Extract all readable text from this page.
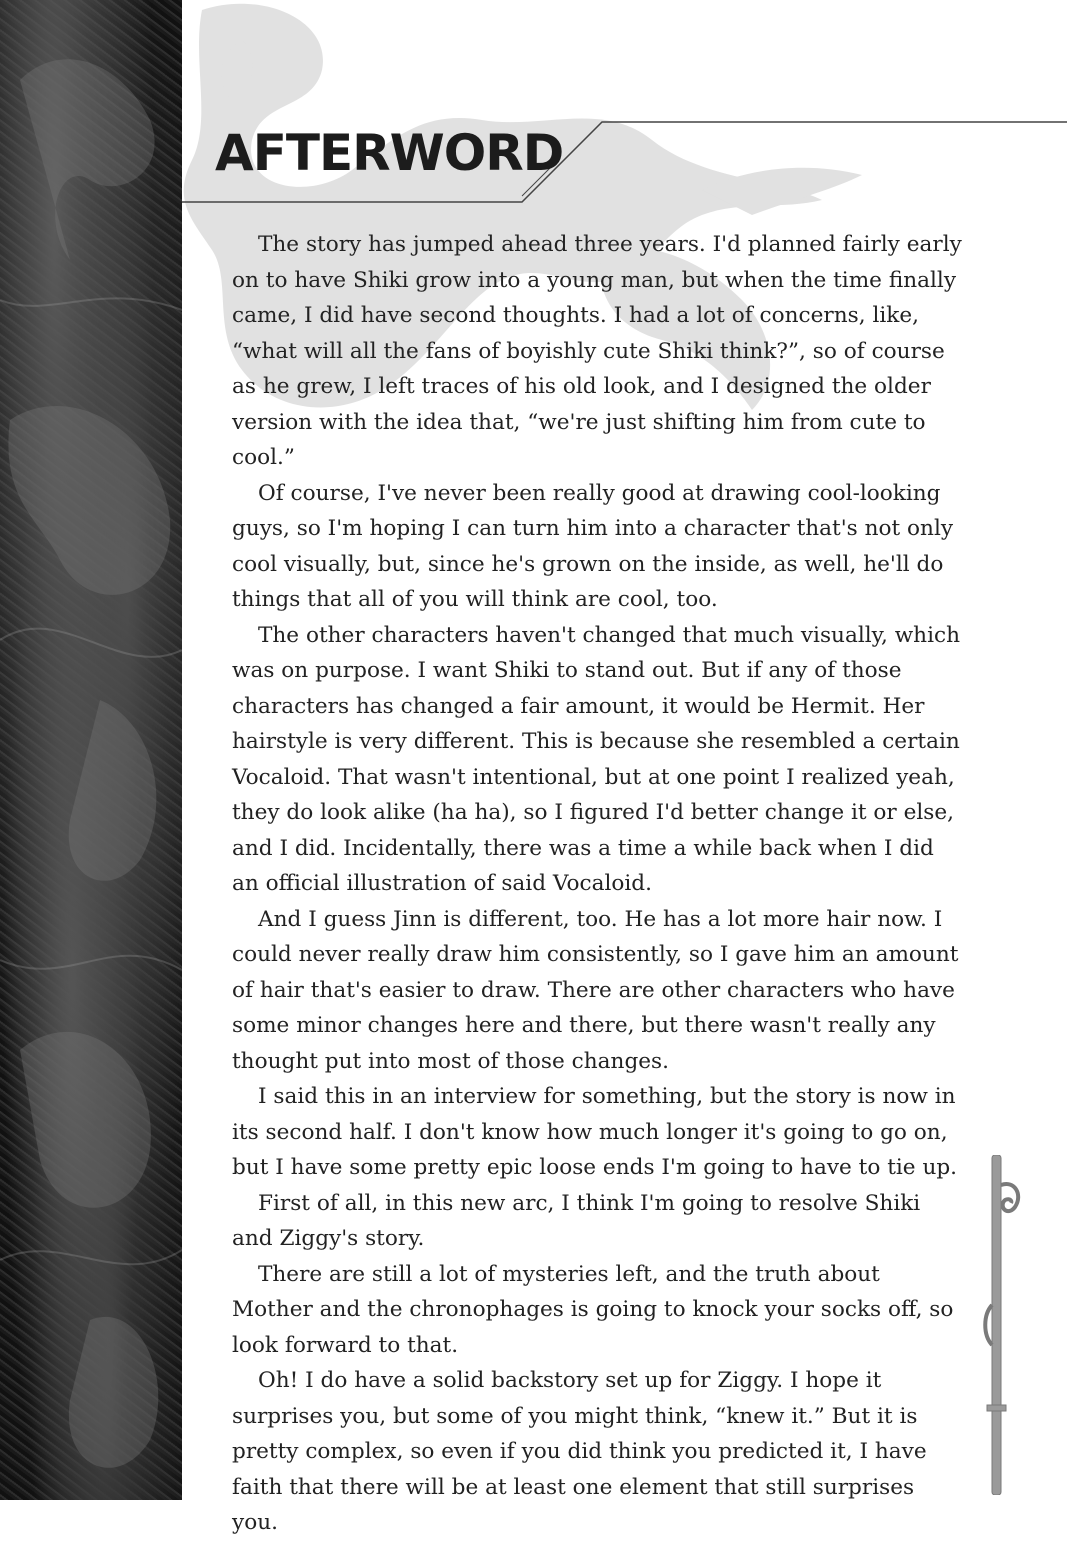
AFTERWORD

The story has jumped ahead three years. I'd planned fairly early on to have Shiki grow into a young man, but when the time finally came, I did have second thoughts. I had a lot of concerns, like, “what will all the fans of boyishly cute Shiki think?”, so of course as he grew, I left traces of his old look, and I designed the older version with the idea that, “we're just shifting him from cute to cool.”

Of course, I've never been really good at drawing cool-looking guys, so I'm hoping I can turn him into a character that's not only cool visually, but, since he's grown on the inside, as well, he'll do things that all of you will think are cool, too.

The other characters haven't changed that much visually, which was on purpose. I want Shiki to stand out. But if any of those characters has changed a fair amount, it would be Hermit. Her hairstyle is very different. This is because she resembled a certain Vocaloid. That wasn't intentional, but at one point I realized yeah, they do look alike (ha ha), so I figured I'd better change it or else, and I did. Incidentally, there was a time a while back when I did an official illustration of said Vocaloid.

And I guess Jinn is different, too. He has a lot more hair now. I could never really draw him consistently, so I gave him an amount of hair that's easier to draw. There are other characters who have some minor changes here and there, but there wasn't really any thought put into most of those changes.

I said this in an interview for something, but the story is now in its second half. I don't know how much longer it's going to go on, but I have some pretty epic loose ends I'm going to have to tie up.

First of all, in this new arc, I think I'm going to resolve Shiki and Ziggy's story.

There are still a lot of mysteries left, and the truth about Mother and the chronophages is going to knock your socks off, so look forward to that.

Oh! I do have a solid backstory set up for Ziggy. I hope it surprises you, but some of you might think, “knew it.” But it is pretty complex, so even if you did think you predicted it, I have faith that there will be at least one element that still surprises you.
